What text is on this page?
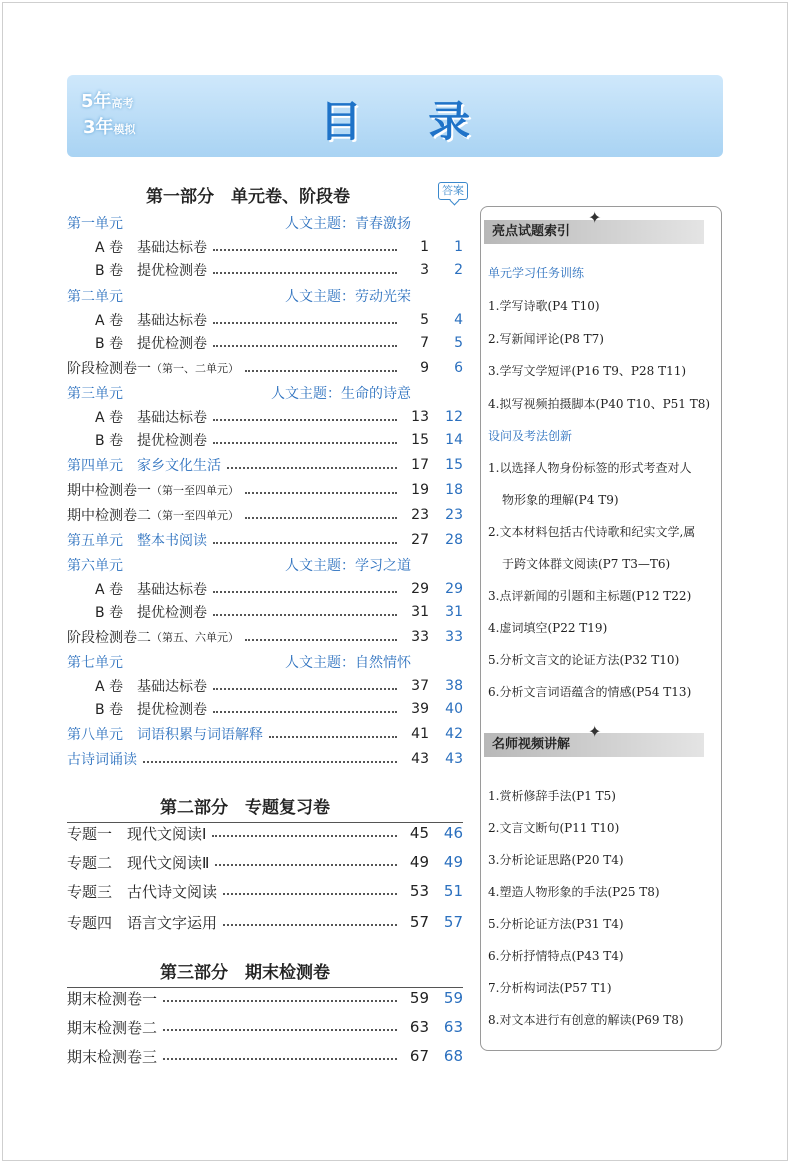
5年高考
3年模拟	目 录
第一部分　单元卷、阶段卷	答案
第一单元	人文主题：青春激扬
A 卷　基础达标卷	1	1
B 卷　提优检测卷	3	2
第二单元	人文主题：劳动光荣
A 卷　基础达标卷	5	4
B 卷　提优检测卷	7	5
阶段检测卷一 （第一、二单元）	9	6
第三单元	人文主题：生命的诗意
A 卷　基础达标卷	13	12
B 卷　提优检测卷	15	14
第四单元　家乡文化生活	17	15
期中检测卷一 （第一至四单元）	19	18
期中检测卷二 （第一至四单元）	23	23
第五单元　整本书阅读	27	28
第六单元	人文主题：学习之道
A 卷　基础达标卷	29	29
B 卷　提优检测卷	31	31
阶段检测卷二 （第五、六单元）	33	33
第七单元	人文主题：自然情怀
A 卷　基础达标卷	37	38
B 卷　提优检测卷	39	40
第八单元　词语积累与词语解释	41	42
古诗词诵读	43	43
第二部分　专题复习卷
专题一　现代文阅读Ⅰ	45 46
专题二　现代文阅读Ⅱ	49 49
专题三　古代诗文阅读	53 51
专题四　语言文字运用	57 57
第三部分　期末检测卷
期末检测卷一	59 59
期末检测卷二	63 63
期末检测卷三	67 68
亮点试题索引
✦
单元学习任务训练
1.学写诗歌(P4 T10)
2.写新闻评论(P8 T7)
3.学写文学短评(P16 T9、P28 T11)
4.拟写视频拍摄脚本(P40 T10、P51 T8)
设问及考法创新
1.以选择人物身份标签的形式考查对人
物形象的理解(P4 T9)
2.文本材料包括古代诗歌和纪实文学,属
于跨文体群文阅读(P7 T3—T6)
3.点评新闻的引题和主标题(P12 T22)
4.虚词填空(P22 T19)
5.分析文言文的论证方法(P32 T10)
6.分析文言词语蕴含的情感(P54 T13)
名师视频讲解
✦
1.赏析修辞手法(P1 T5)
2.文言文断句(P11 T10)
3.分析论证思路(P20 T4)
4.塑造人物形象的手法(P25 T8)
5.分析论证方法(P31 T4)
6.分析抒情特点(P43 T4)
7.分析构词法(P57 T1)
8.对文本进行有创意的解读(P69 T8)
